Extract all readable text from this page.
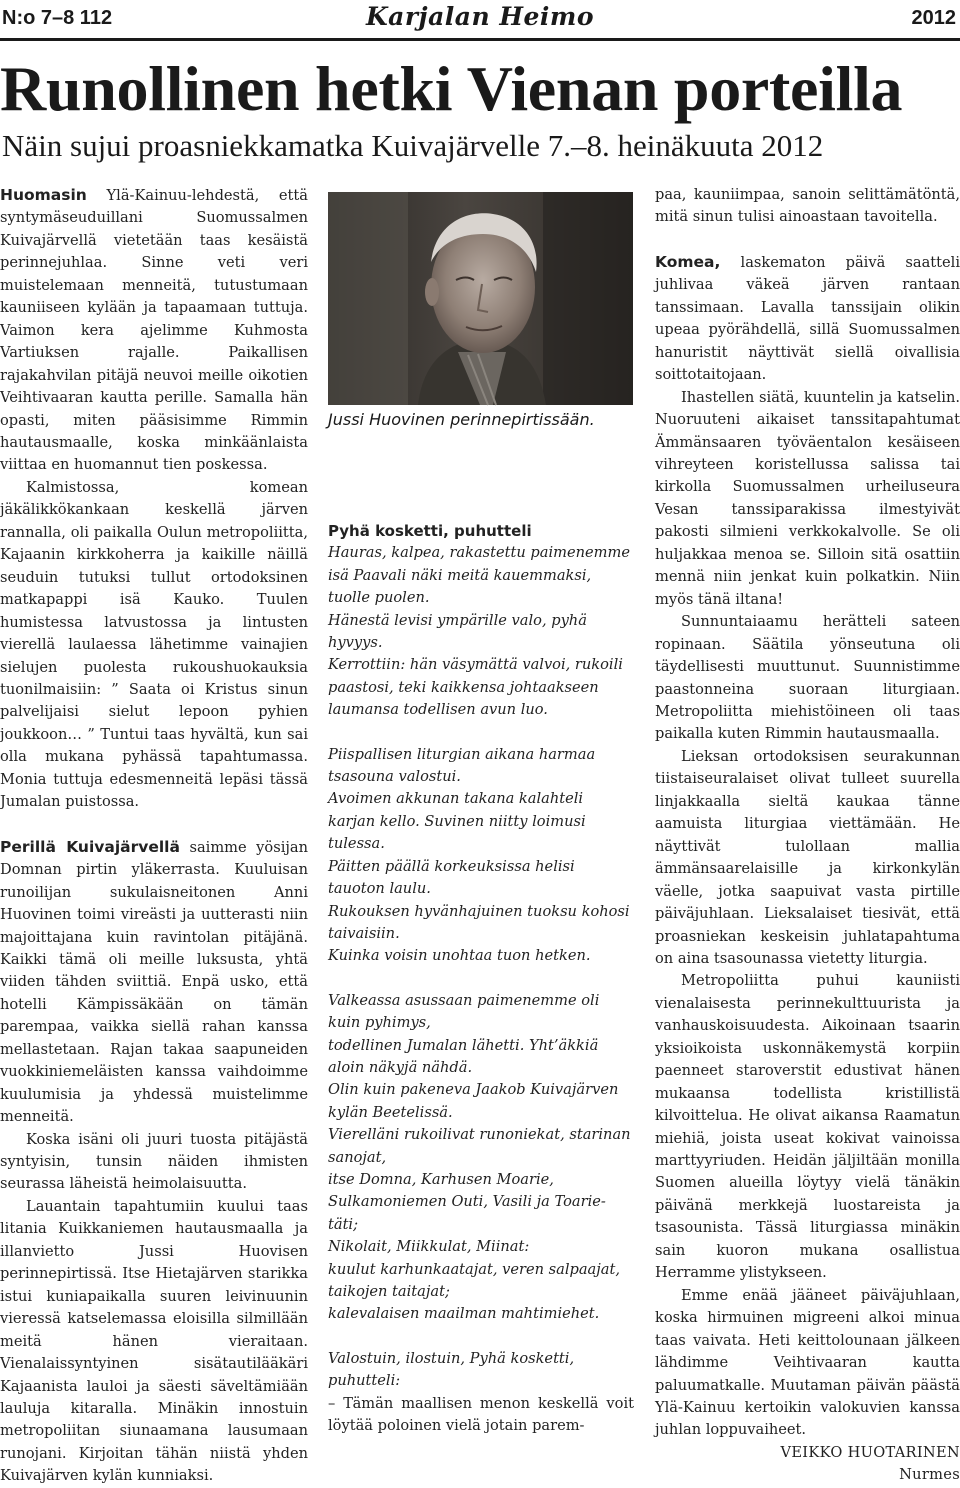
N:o 7–8 112	Karjalan Heimo	2012
Runollinen hetki Vienan porteilla
Näin sujui proasniekkamatka Kuivajärvelle 7.–8. heinäkuuta 2012

Huomasin Ylä-Kainuu-lehdestä, että syntymäseuduillani Suomussalmen Kuivajärvellä vietetään taas kesäistä perinnejuhlaa. Sinne veti veri muistelemaan menneitä, tutustumaan kauniiseen kylään ja tapaamaan tuttuja. Vaimon kera ajelimme Kuhmosta Vartiuksen rajalle. Paikallisen rajakahvilan pitäjä neuvoi meille oikotien Veihtivaaran kautta perille. Samalla hän opasti, miten pääsisimme Rimmin hautausmaalle, koska minkäänlaista viittaa en huomannut tien poskessa.

Kalmistossa, komean jäkälikkökankaan keskellä järven rannalla, oli paikalla Oulun metropoliitta, Kajaanin kirkkoherra ja kaikille näillä seuduin tutuksi tullut ortodoksinen matkapappi isä Kauko. Tuulen humistessa latvustossa ja lintusten vierellä laulaessa lähetimme vainajien sielujen puolesta rukoushuokauksia tuonilmaisiin: ” Saata oi Kristus sinun palvelijaisi sielut lepoon pyhien joukkoon… ” Tuntui taas hyvältä, kun sai olla mukana pyhässä tapahtumassa. Monia tuttuja edesmenneitä lepäsi tässä Jumalan puistossa.

Perillä Kuivajärvellä saimme yösijan Domnan pirtin yläkerrasta. Kuuluisan runoilijan sukulaisneitonen Anni Huovinen toimi vireästi ja uutterasti niin majoittajana kuin ravintolan pitäjänä. Kaikki tämä oli meille luksusta, yhtä viiden tähden sviittiä. Enpä usko, että hotelli Kämpissäkään on tämän parempaa, vaikka siellä rahan kanssa mellastetaan. Rajan takaa saapuneiden vuokkiniemeläisten kanssa vaihdoimme kuulumisia ja yhdessä muistelimme menneitä.

Koska isäni oli juuri tuosta pitäjästä syntyisin, tunsin näiden ihmisten seurassa läheistä heimolaisuutta.

Lauantain tapahtumiin kuului taas litania Kuikkaniemen hautausmaalla ja illanvietto Jussi Huovisen perinnepirtissä. Itse Hietajärven starikka istui kuniapaikalla suuren leivinuunin vieressä katselemassa eloisilla silmillään meitä hänen vieraitaan. Vienalaissyntyinen sisätautilääkäri Kajaanista lauloi ja säesti säveltämiään lauluja kitaralla. Minäkin innostuin metropoliitan siunaamana lausumaan runojani. Kirjoitan tähän niistä yhden Kuivajärven kylän kunniaksi.

Jussi Huovinen perinnepirtissään.
Pyhä kosketti, puhutteli
Hauras, kalpea, rakastettu paimenemme isä Paavali näki meitä kauemmaksi, tuolle puolen.
Hänestä levisi ympärille valo, pyhä hyvyys.
Kerrottiin: hän väsymättä valvoi, rukoili paastosi, teki kaikkensa johtaakseen laumansa todellisen avun luo.
Piispallisen liturgian aikana harmaa tsasouna valostui.
Avoimen akkunan takana kalahteli karjan kello. Suvinen niitty loimusi tulessa.
Päitten päällä korkeuksissa helisi tauoton laulu.
Rukouksen hyvänhajuinen tuoksu kohosi taivaisiin.
Kuinka voisin unohtaa tuon hetken.
Valkeassa asussaan paimenemme oli kuin pyhimys,
todellinen Jumalan lähetti. Yht’äkkiä aloin näkyjä nähdä.
Olin kuin pakeneva Jaakob Kuivajärven kylän Beetelissä.
Vierelläni rukoilivat runoniekat, starinan sanojat,
itse Domna, Karhusen Moarie, Sulkamoniemen Outi, Vasili ja Toarie-täti;
Nikolait, Miikkulat, Miinat:
kuulut karhunkaatajat, veren salpaajat, taikojen taitajat;
kalevalaisen maailman mahtimiehet.
Valostuin, ilostuin, Pyhä kosketti, puhutteli:

– Tämän maallisen menon keskellä voit löytää poloinen vielä jotain parem-

paa, kauniimpaa, sanoin selittämätöntä, mitä sinun tulisi ainoastaan tavoitella.

Komea, laskematon päivä saatteli juhlivaa väkeä järven rantaan tanssimaan. Lavalla tanssijain olikin upeaa pyörähdellä, sillä Suomussalmen hanuristit näyttivät siellä oivallisia soittotaitojaan.

Ihastellen siätä, kuuntelin ja katselin. Nuoruuteni aikaiset tanssitapahtumat Ämmänsaaren työväentalon kesäiseen vihreyteen koristellussa salissa tai kirkolla Suomussalmen urheiluseura Vesan tanssiparakissa ilmestyivät pakostі silmieni verkkokalvolle. Se oli huljakkaa menoa se. Silloin sitä osattiin mennä niin jenkat kuin polkatkin. Niin myös tänä iltana!

Sunnuntaiaamu herätteli sateen ropinaan. Säätila yönseutuna oli täydellisesti muuttunut. Suunnistimme paastonneina suoraan liturgiaan. Metropoliitta miehistöineen oli taas paikalla kuten Rimmin hautausmaalla.

Lieksan ortodoksisen seurakunnan tiistaiseuralaiset olivat tulleet suurella linjakkaalla sieltä kaukaa tänne aamuista liturgiaa viettämään. He näyttivät tulollaan mallia ämmänsaarelaisille ja kirkonkylän väelle, jotka saapuivat vasta pirtille päiväjuhlaan. Lieksalaiset tiesivät, että proasniekan keskeisin juhlatapahtuma on aina tsasounassa vietetty liturgia.

Metropoliitta puhui kauniisti vienalaisesta perinnekulttuurista ja vanhauskoisuudesta. Aikoinaan tsaarin yksioikoista uskonnäkemystä korpiin paenneet staroverstit edustivat hänen mukaansa todellista kristillistä kilvoittelua. He olivat aikansa Raamatun miehiä, joista useat kokivat vainoissa marttyyriuden. Heidän jäljiltään monilla Suomen alueilla löytyy vielä tänäkin päivänä merkkejä luostareista ja tsasounista. Tässä liturgiassa minäkin sain kuoron mukana osallistua Herramme ylistykseen.

Emme enää jääneet päiväjuhlaan, koska hirmuinen migreeni alkoi minua taas vaivata. Heti keittolounaan jälkeen lähdimme Veihtivaaran kautta paluumatkalle. Muutaman päivän päästä Ylä-Kainuu kertoikin valokuvien kanssa juhlan loppuvaiheet.

VEIKKO HUOTARINEN
Nurmes
